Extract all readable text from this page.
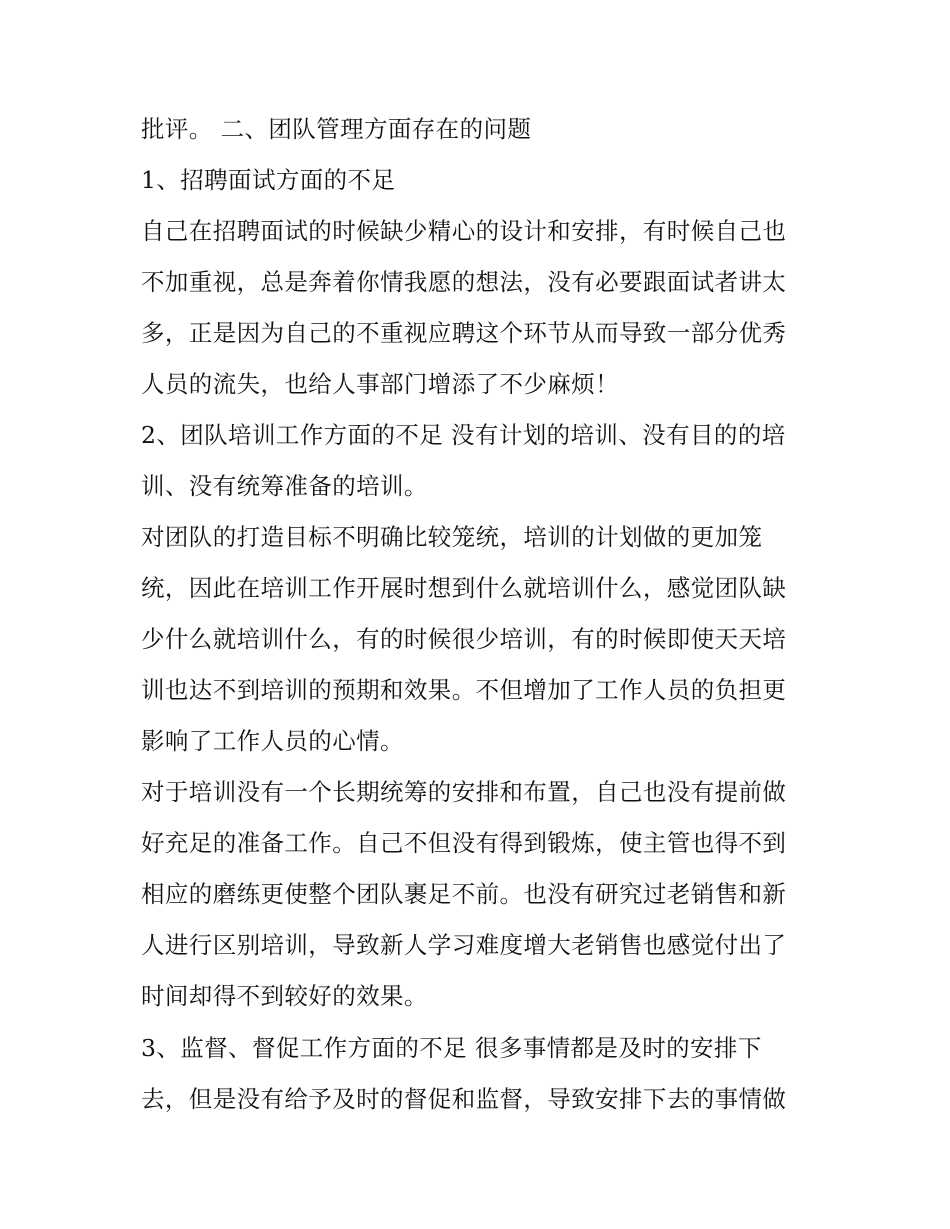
批评。 二、团队管理方面存在的问题
1、招聘面试方面的不足
自己在招聘面试的时候缺少精心的设计和安排，有时候自己也
不加重视，总是奔着你情我愿的想法，没有必要跟面试者讲太
多，正是因为自己的不重视应聘这个环节从而导致一部分优秀
人员的流失，也给人事部门增添了不少麻烦！
2、团队培训工作方面的不足 没有计划的培训、没有目的的培
训、没有统筹准备的培训。
对团队的打造目标不明确比较笼统，培训的计划做的更加笼
统，因此在培训工作开展时想到什么就培训什么，感觉团队缺
少什么就培训什么，有的时候很少培训，有的时候即使天天培
训也达不到培训的预期和效果。不但增加了工作人员的负担更
影响了工作人员的心情。
对于培训没有一个长期统筹的安排和布置，自己也没有提前做
好充足的准备工作。自己不但没有得到锻炼，使主管也得不到
相应的磨练更使整个团队裹足不前。也没有研究过老销售和新
人进行区别培训，导致新人学习难度增大老销售也感觉付出了
时间却得不到较好的效果。
3、监督、督促工作方面的不足 很多事情都是及时的安排下
去，但是没有给予及时的督促和监督，导致安排下去的事情做
